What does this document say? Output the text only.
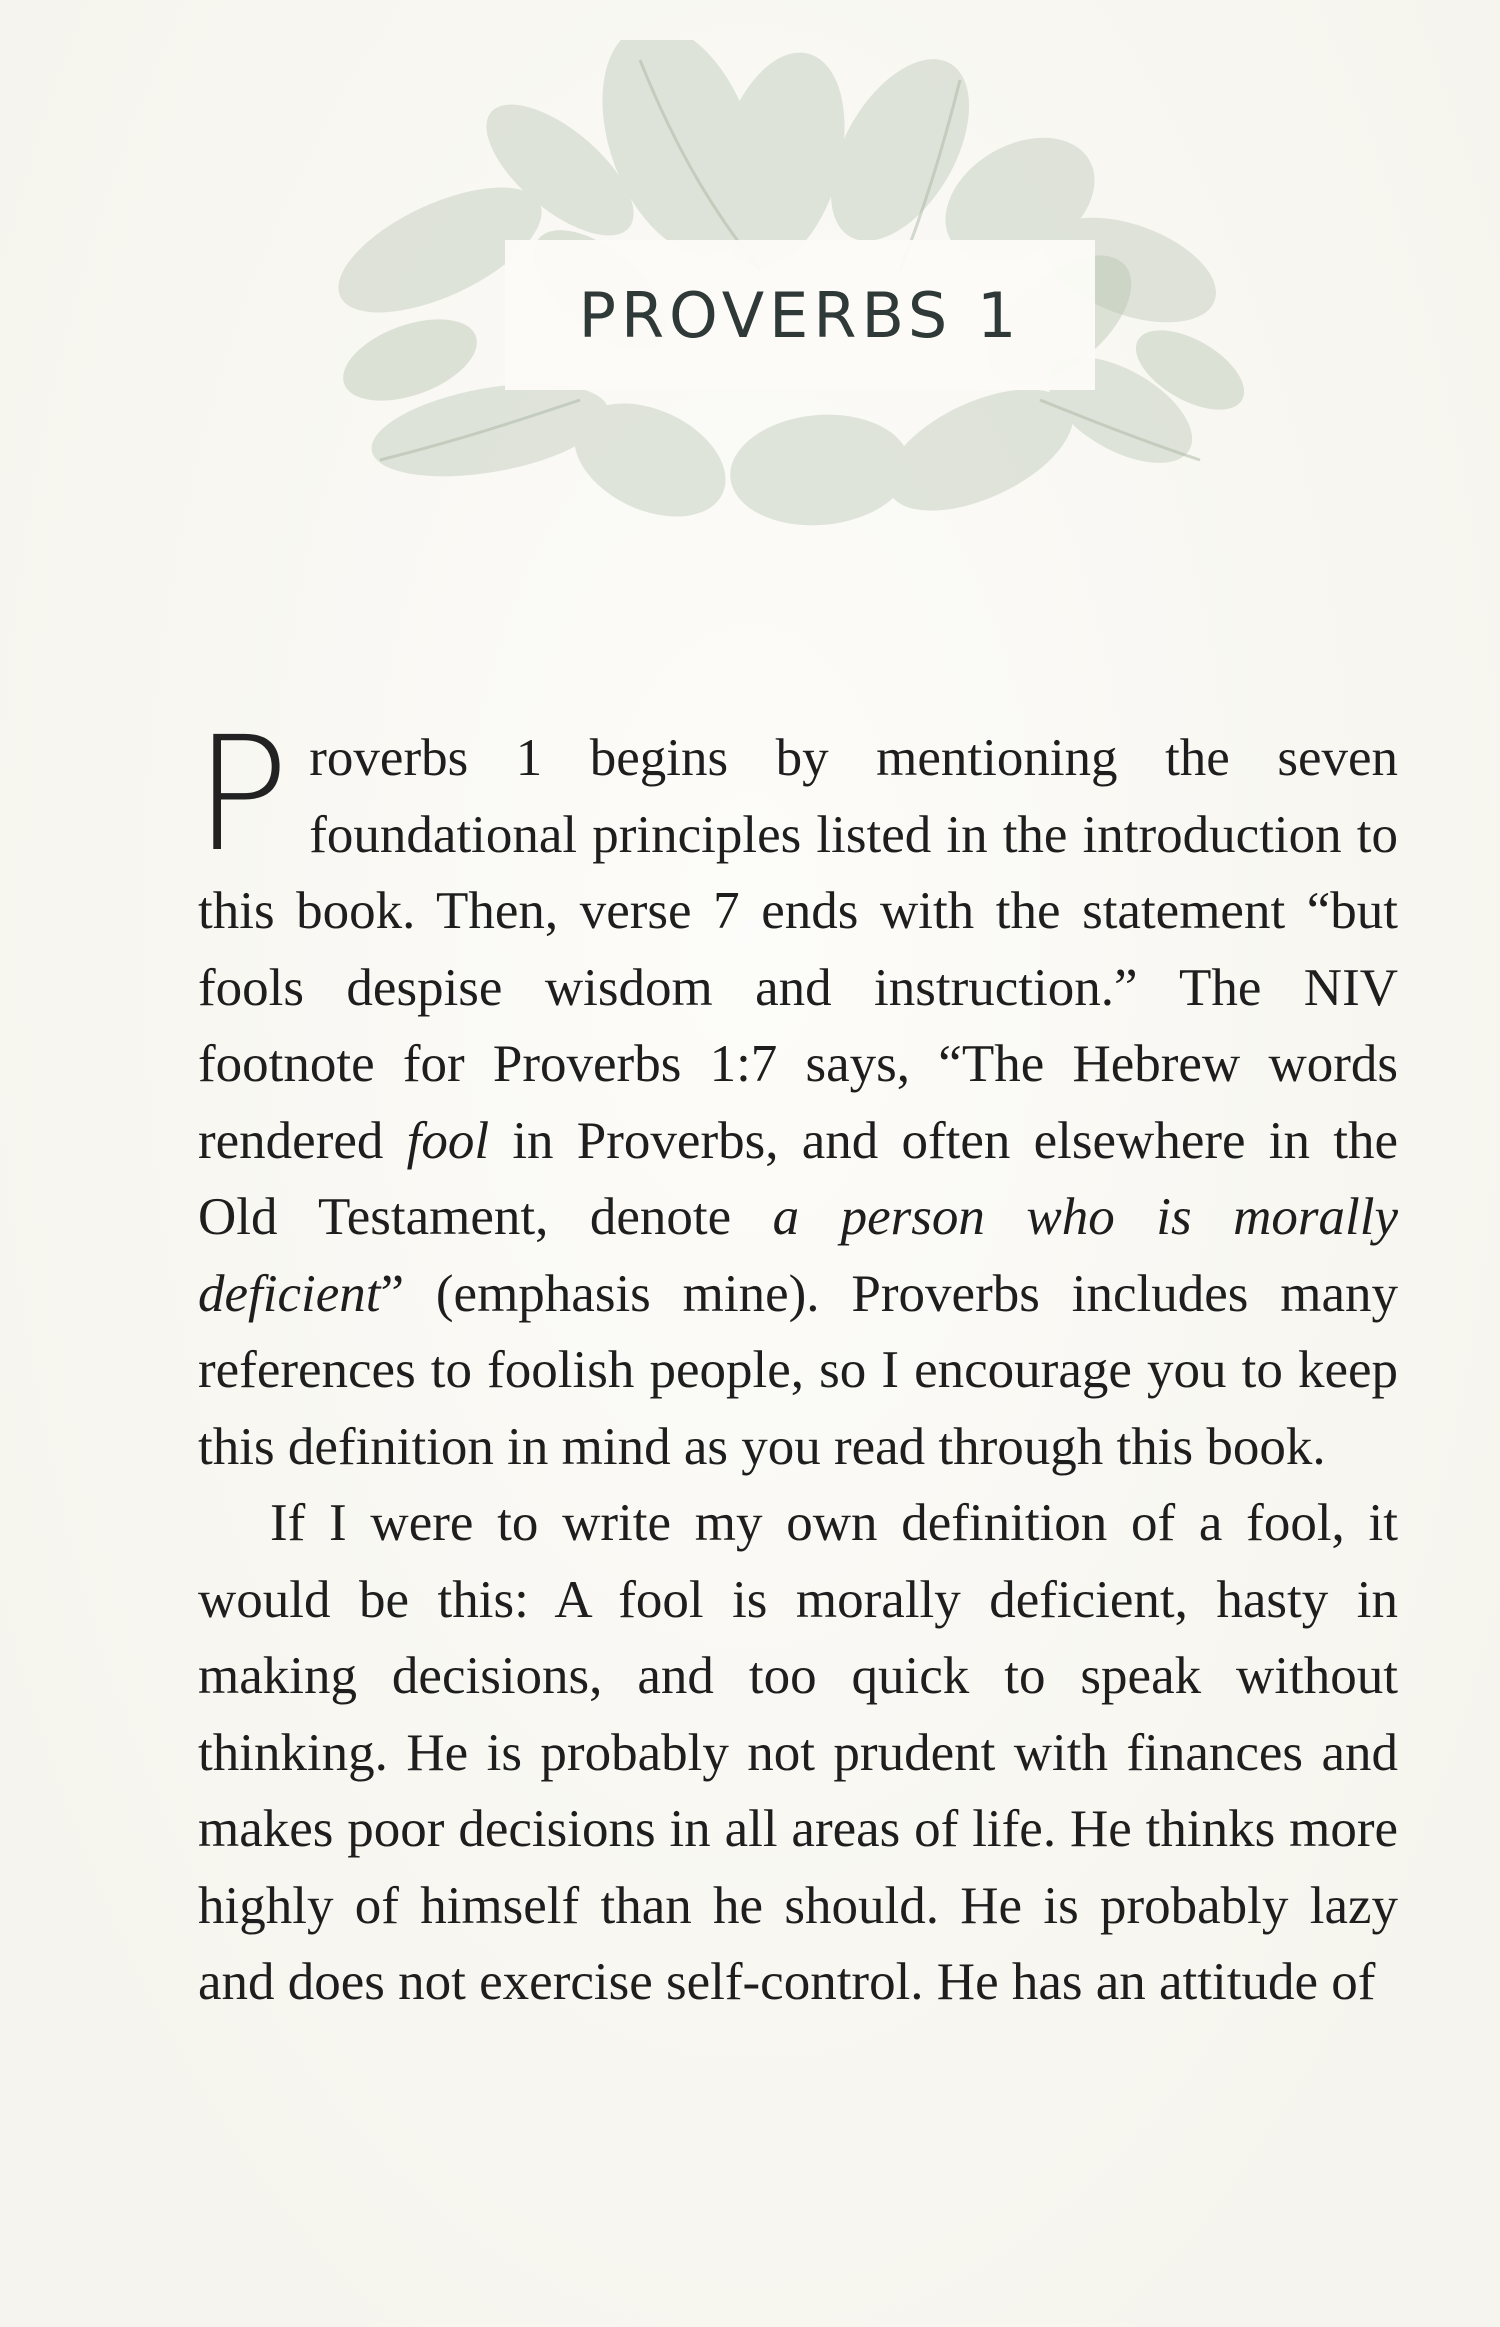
PROVERBS 1

Proverbs 1 begins by mentioning the seven foundational principles listed in the introduction to this book. Then, verse 7 ends with the statement “but fools despise wisdom and instruction.” The NIV footnote for Proverbs 1:7 says, “The Hebrew words rendered fool in Proverbs, and often elsewhere in the Old Testament, denote a person who is morally deficient” (emphasis mine). Proverbs includes many references to foolish people, so I encourage you to keep this definition in mind as you read through this book.

If I were to write my own definition of a fool, it would be this: A fool is morally deficient, hasty in making decisions, and too quick to speak without thinking. He is probably not prudent with finances and makes poor decisions in all areas of life. He thinks more highly of himself than he should. He is probably lazy and does not exercise self-control. He has an attitude of
